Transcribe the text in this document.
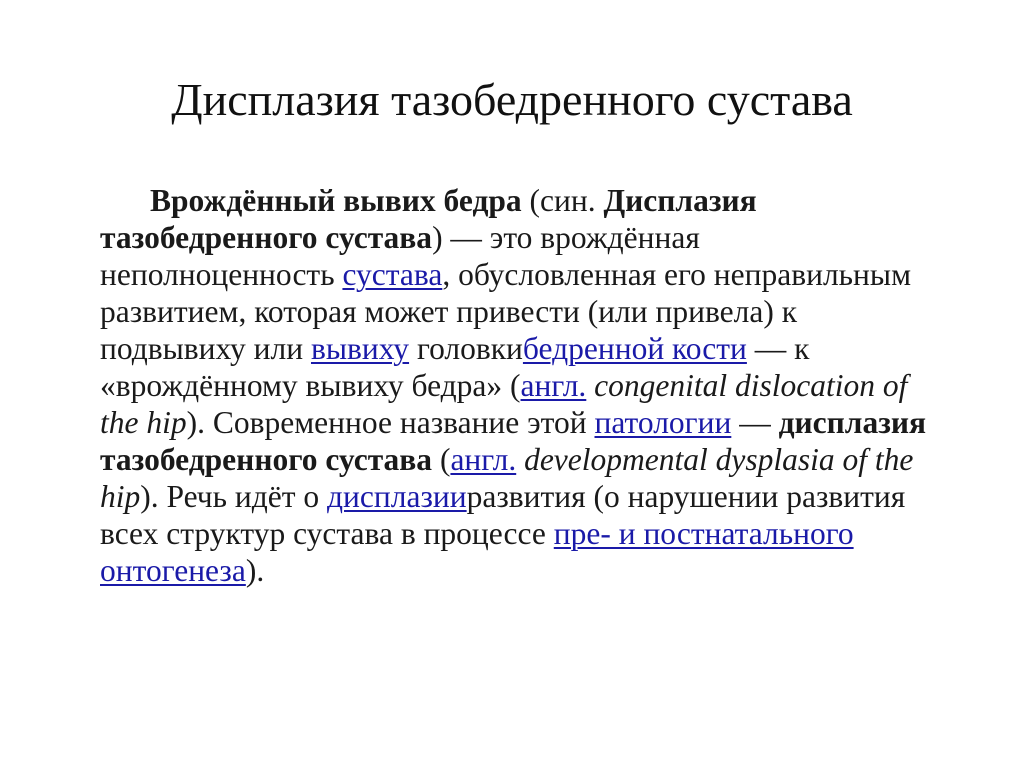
Дисплазия тазобедренного сустава

Врождённый вывих бедра (син. Дисплазия тазобедренного сустава) — это врождённая неполноценность сустава, обусловленная его неправильным развитием, которая может привести (или привела) к подвывиху или вывиху головкибедренной кости — к «врождённому вывиху бедра» (англ. congenital dislocation of the hip). Современное название этой патологии — дисплазия тазобедренного сустава (англ. developmental dysplasia of the hip). Речь идёт о дисплазииразвития (о нарушении развития всех структур сустава в процессе пре- и постнатального онтогенеза).
